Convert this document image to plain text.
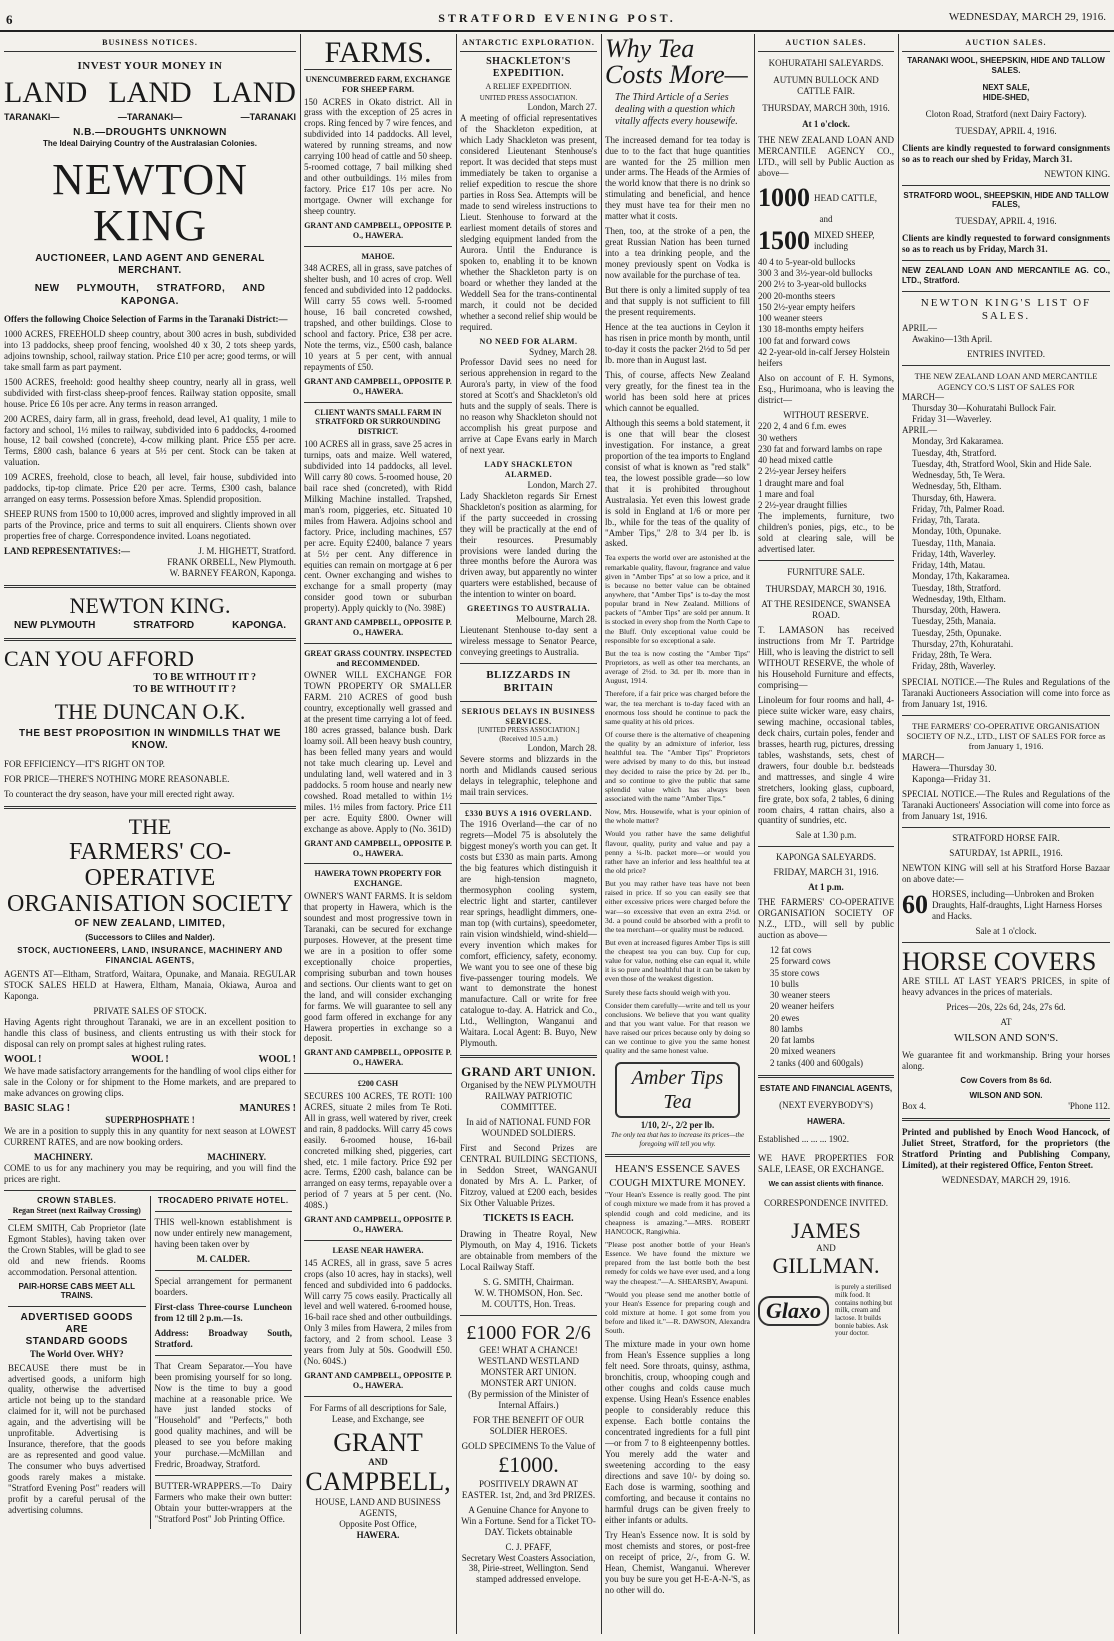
6	STRATFORD EVENING POST.	WEDNESDAY, MARCH 29, 1916.
BUSINESS NOTICES.
INVEST YOUR MONEY IN
LAND LAND LAND
TARANAKI—	—TARANAKI—	—TARANAKI
N.B.—DROUGHTS UNKNOWN
The Ideal Dairying Country of the Australasian Colonies.
NEWTON KING
AUCTIONEER, LAND AGENT AND GENERAL MERCHANT.
NEW PLYMOUTH, STRATFORD, AND KAPONGA.

Offers the following Choice Selection of Farms in the Taranaki District:—

1000 ACRES, FREEHOLD sheep country, about 300 acres in bush, subdivided into 13 paddocks, sheep proof fencing, woolshed 40 x 30, 2 tots sheep yards, adjoins township, school, railway station. Price £10 per acre; good terms, or will take small farm as part payment.

1500 ACRES, freehold: good healthy sheep country, nearly all in grass, well subdivided with first-class sheep-proof fences. Railway station opposite, small house. Price £6 10s per acre. Any terms in reason arranged.

200 ACRES, dairy farm, all in grass, freehold, dead level, A1 quality, 1 mile to factory and school, 1½ miles to railway, subdivided into 6 paddocks, 4-roomed house, 12 bail cowshed (concrete), 4-cow milking plant. Price £55 per acre. Terms, £800 cash, balance 6 years at 5½ per cent. Stock can be taken at valuation.

109 ACRES, freehold, close to beach, all level, fair house, subdivided into paddocks, tip-top climate. Price £20 per acre. Terms, £300 cash, balance arranged on easy terms. Possession before Xmas. Splendid proposition.

SHEEP RUNS from 1500 to 10,000 acres, improved and slightly improved in all parts of the Province, price and terms to suit all enquirers. Clients shown over properties free of charge. Correspondence invited. Loans negotiated.

LAND REPRESENTATIVES:—	J. M. HIGHETT, Stratford.
FRANK ORBELL, New Plymouth.
W. BARNEY FEARON, Kaponga.
NEWTON KING.
NEW PLYMOUTH	STRATFORD	KAPONGA.
CAN YOU AFFORD
TO BE WITHOUT IT ?
TO BE WITHOUT IT ?
THE DUNCAN O.K.
THE BEST PROPOSITION IN WINDMILLS THAT WE KNOW.

FOR EFFICIENCY—IT'S RIGHT ON TOP.

FOR PRICE—THERE'S NOTHING MORE REASONABLE.

To counteract the dry season, have your mill erected right away.

THE
FARMERS' CO-OPERATIVE ORGANISATION SOCIETY
OF NEW ZEALAND, LIMITED,
(Successors to Cliles and Nalder).
STOCK, AUCTIONEERS, LAND, INSURANCE, MACHINERY AND FINANCIAL AGENTS,

AGENTS AT—Eltham, Stratford, Waitara, Opunake, and Manaia. REGULAR STOCK SALES HELD at Hawera, Eltham, Manaia, Okiawa, Auroa and Kaponga.

PRIVATE SALES OF STOCK.

Having Agents right throughout Taranaki, we are in an excellent position to handle this class of business, and clients entrusting us with their stock for disposal can rely on prompt sales at highest ruling rates.

WOOL !	WOOL !	WOOL !

We have made satisfactory arrangements for the handling of wool clips either for sale in the Colony or for shipment to the Home markets, and are prepared to make advances on growing clips.

BASIC SLAG !	MANURES !
SUPERPHOSPHATE !

We are in a position to supply this in any quantity for next season at LOWEST CURRENT RATES, and are now booking orders.

MACHINERY.	MACHINERY.

COME to us for any machinery you may be requiring, and you will find the prices are right.

CROWN STABLES.
Regan Street (next Railway Crossing)

CLEM SMITH, Cab Proprietor (late Egmont Stables), having taken over the Crown Stables, will be glad to see old and new friends. Rooms accommodation. Personal attention.

PAIR-HORSE CABS MEET ALL TRAINS.
ADVERTISED GOODS ARE
STANDARD GOODS
The World Over. WHY?

BECAUSE there must be in advertised goods, a uniform high quality, otherwise the advertised article not being up to the standard claimed for it, will not be purchased again, and the advertising will be unprofitable. Advertising is Insurance, therefore, that the goods are as represented and good value. The consumer who buys advertised goods rarely makes a mistake. "Stratford Evening Post" readers will profit by a careful perusal of the advertising columns.

TROCADERO PRIVATE HOTEL.

THIS well-known establishment is now under entirely new management, having been taken over by

M. CALDER.

Special arrangement for permanent boarders.

First-class Three-course Luncheon from 12 till 2 p.m.—1s.

Address: Broadway South, Stratford.

That Cream Separator.—You have been promising yourself for so long. Now is the time to buy a good machine at a reasonable price. We have just landed stocks of "Household" and "Perfects," both good quality machines, and will be pleased to see you before making your purchase.—McMillan and Fredric, Broadway, Stratford.

BUTTER-WRAPPERS.—To Dairy Farmers who make their own butter: Obtain your butter-wrappers at the "Stratford Post" Job Printing Office.

FARMS.
UNENCUMBERED FARM, EXCHANGE FOR SHEEP FARM.

150 ACRES in Okato district. All in grass with the exception of 25 acres in crops. Ring fenced by 7 wire fences, and subdivided into 14 paddocks. All level, watered by running streams, and now carrying 100 head of cattle and 50 sheep. 5-roomed cottage, 7 bail milking shed and other outbuildings. 1½ miles from factory. Price £17 10s per acre. No mortgage. Owner will exchange for sheep country.

GRANT AND CAMPBELL, OPPOSITE P. O., HAWERA.
MAHOE.

348 ACRES, all in grass, save patches of shelter bush, and 10 acres of crop. Well fenced and subdivided into 12 paddocks. Will carry 55 cows well. 5-roomed house, 16 bail concreted cowshed, trapshed, and other buildings. Close to school and factory. Price, £38 per acre. Note the terms, viz., £500 cash, balance 10 years at 5 per cent, with annual repayments of £50.

GRANT AND CAMPBELL, OPPOSITE P. O., HAWERA.
CLIENT WANTS SMALL FARM IN STRATFORD OR SURROUNDING DISTRICT.

100 ACRES all in grass, save 25 acres in turnips, oats and maize. Well watered, subdivided into 14 paddocks, all level. Will carry 80 cows. 5-roomed house, 20 bail race shed (concreted), with Ridd Milking Machine installed. Trapshed, man's room, piggeries, etc. Situated 10 miles from Hawera. Adjoins school and factory. Price, including machines, £57 per acre. Equity £2400, balance 7 years at 5½ per cent. Any difference in equities can remain on mortgage at 6 per cent. Owner exchanging and wishes to exchange for a small property (may consider good town or suburban property). Apply quickly to (No. 398E)

GRANT AND CAMPBELL, OPPOSITE P. O., HAWERA.
GREAT GRASS COUNTRY. INSPECTED and RECOMMENDED.

OWNER WILL EXCHANGE FOR TOWN PROPERTY OR SMALLER FARM. 210 ACRES of good bush country, exceptionally well grassed and at the present time carrying a lot of feed. 180 acres grassed, balance bush. Dark loamy soil. All been heavy bush country, has been felled many years and would not take much clearing up. Level and undulating land, well watered and in 3 paddocks. 5 room house and nearly new cowshed. Road metalled to within 1½ miles. 1½ miles from factory. Price £11 per acre. Equity £800. Owner will exchange as above. Apply to (No. 361D)

GRANT AND CAMPBELL, OPPOSITE P. O., HAWERA.
HAWERA TOWN PROPERTY FOR EXCHANGE.

OWNER'S WANT FARMS. It is seldom that property in Hawera, which is the soundest and most progressive town in Taranaki, can be secured for exchange purposes. However, at the present time we are in a position to offer some exceptionally choice properties, comprising suburban and town houses and sections. Our clients want to get on the land, and will consider exchanging for farms. We will guarantee to sell any good farm offered in exchange for any Hawera properties in exchange so a deposit.

GRANT AND CAMPBELL, OPPOSITE P. O., HAWERA.
£200 CASH

SECURES 100 ACRES, TE ROTI: 100 ACRES, situate 2 miles from Te Roti. All in grass, well watered by river, creek and rain, 8 paddocks. Will carry 45 cows easily. 6-roomed house, 16-bail concreted milking shed, piggeries, cart shed, etc. 1 mile factory. Price £92 per acre. Terms, £200 cash, balance can be arranged on easy terms, repayable over a period of 7 years at 5 per cent. (No. 408S.)

GRANT AND CAMPBELL, OPPOSITE P. O., HAWERA.
LEASE NEAR HAWERA.

145 ACRES, all in grass, save 5 acres crops (also 10 acres, hay in stacks), well fenced and subdivided into 6 paddocks. Will carry 75 cows easily. Practically all level and well watered. 6-roomed house, 16-bail race shed and other outbuildings. Only 3 miles from Hawera, 2 miles from factory, and 2 from school. Lease 3 years from July at 50s. Goodwill £50. (No. 604S.)

GRANT AND CAMPBELL, OPPOSITE P. O., HAWERA.

For Farms of all descriptions for Sale, Lease, and Exchange, see

GRANT
AND
CAMPBELL,
HOUSE, LAND AND BUSINESS AGENTS,
Opposite Post Office,
HAWERA.
ANTARCTIC EXPLORATION.
SHACKLETON'S EXPEDITION.
A RELIEF EXPEDITION.
UNITED PRESS ASSOCIATION.
London, March 27.

A meeting of official representatives of the Shackleton expedition, at which Lady Shackleton was present, considered Lieutenant Stenhouse's report. It was decided that steps must immediately be taken to organise a relief expedition to rescue the shore parties in Ross Sea. Attempts will be made to send wireless instructions to Lieut. Stenhouse to forward at the earliest moment details of stores and sledging equipment landed from the Aurora. Until the Endurance is spoken to, enabling it to be known whether the Shackleton party is on board or whether they landed at the Weddell Sea for the trans-continental march, it could not be decided whether a second relief ship would be required.

NO NEED FOR ALARM.
Sydney, March 28.

Professor David sees no need for serious apprehension in regard to the Aurora's party, in view of the food stored at Scott's and Shackleton's old huts and the supply of seals. There is no reason why Shackleton should not accomplish his great purpose and arrive at Cape Evans early in March of next year.

LADY SHACKLETON ALARMED.
London, March 27.

Lady Shackleton regards Sir Ernest Shackleton's position as alarming, for if the party succeeded in crossing they will be practically at the end of their resources. Presumably provisions were landed during the three months before the Aurora was driven away, but apparently no winter quarters were established, because of the intention to winter on board.

GREETINGS TO AUSTRALIA.
Melbourne, March 28.

Lieutenant Stenhouse to-day sent a wireless message to Senator Pearce, conveying greetings to Australia.

BLIZZARDS IN BRITAIN
SERIOUS DELAYS IN BUSINESS SERVICES.
[UNITED PRESS ASSOCIATION.]
(Received 10.5 a.m.)
London, March 28.

Severe storms and blizzards in the north and Midlands caused serious delays in telegraphic, telephone and mail train services.

£330 BUYS A 1916 OVERLAND.

The 1916 Overland—the car of no regrets—Model 75 is absolutely the biggest money's worth you can get. It costs but £330 as main parts. Among the big features which distinguish it are high-tension magneto, thermosyphon cooling system, electric light and starter, cantilever rear springs, headlight dimmers, one-man top (with curtains), speedometer, rain vision windshield, wind-shield—every invention which makes for comfort, efficiency, safety, economy. We want you to see one of these big five-passenger touring models. We want to demonstrate the honest manufacture. Call or write for free catalogue to-day. A. Hatrick and Co., Ltd., Wellington, Wanganui and Waitara. Local Agent: B. Buyo, New Plymouth.

GRAND ART UNION.

Organised by the NEW PLYMOUTH RAILWAY PATRIOTIC COMMITTEE.

In aid of NATIONAL FUND FOR WOUNDED SOLDIERS.

First and Second Prizes are CENTRAL BUILDING SECTIONS, in Seddon Street, WANGANUI donated by Mrs A. L. Parker, of Fitzroy, valued at £200 each, besides Six Other Valuable Prizes.

TICKETS IS EACH.

Drawing in Theatre Royal, New Plymouth, on May 4, 1916. Tickets are obtainable from members of the Local Railway Staff.

S. G. SMITH, Chairman.
W. W. THOMSON, Hon. Sec.
M. COUTTS, Hon. Treas.
£1000 FOR 2/6
GEE! WHAT A CHANCE!
WESTLAND WESTLAND
MONSTER ART UNION. MONSTER ART UNION.

(By permission of the Minister of Internal Affairs.)

FOR THE BENEFIT OF OUR SOLDIER HEROES.

GOLD SPECIMENS To the Value of
£1000.

POSITIVELY DRAWN AT EASTER. 1st, 2nd, and 3rd PRIZES.

A Genuine Chance for Anyone to Win a Fortune. Send for a Ticket TO-DAY. Tickets obtainable

C. J. PFAFF,

Secretary West Coasters Association, 38, Pirie-street, Wellington. Send stamped addressed envelope.

Why Tea Costs More—

The Third Article of a Series dealing with a question which vitally affects every housewife.

The increased demand for tea today is due to to the fact that huge quantities are wanted for the 25 million men under arms. The Heads of the Armies of the world know that there is no drink so stimulating and beneficial, and hence they must have tea for their men no matter what it costs.

Then, too, at the stroke of a pen, the great Russian Nation has been turned into a tea drinking people, and the money previously spent on Vodka is now available for the purchase of tea.

But there is only a limited supply of tea and that supply is not sufficient to fill the present requirements.

Hence at the tea auctions in Ceylon it has risen in price month by month, until to-day it costs the packer 2½d to 5d per lb. more than in August last.

This, of course, affects New Zealand very greatly, for the finest tea in the world has been sold here at prices which cannot be equalled.

Although this seems a bold statement, it is one that will bear the closest investigation. For instance, a great proportion of the tea imports to England consist of what is known as "red stalk" tea, the lowest possible grade—so low that it is prohibited throughout Australasia. Yet even this lowest grade is sold in England at 1/6 or more per lb., while for the teas of the quality of "Amber Tips," 2/8 to 3/4 per lb. is asked.

Tea experts the world over are astonished at the remarkable quality, flavour, fragrance and value given in "Amber Tips" at so low a price, and it is because no better value can be obtained anywhere, that "Amber Tips" is to-day the most popular brand in New Zealand. Millions of packets of "Amber Tips" are sold per annum. It is stocked in every shop from the North Cape to the Bluff. Only exceptional value could be responsible for so exceptional a sale.

But the tea is now costing the "Amber Tips" Proprietors, as well as other tea merchants, an average of 2½d. to 3d. per lb. more than in August, 1914.

Therefore, if a fair price was charged before the war, the tea merchant is to-day faced with an enormous loss should he continue to pack the same quality at his old prices.

Of course there is the alternative of cheapening the quality by an admixture of inferior, less healthful tea. The "Amber Tips" Proprietors were advised by many to do this, but instead they decided to raise the price by 2d. per lb., and so continue to give the public that same splendid value which has always been associated with the name "Amber Tips."

Now, Mrs. Housewife, what is your opinion of the whole matter?

Would you rather have the same delightful flavour, quality, purity and value and pay a penny a ¼-lb. packet more—or would you rather have an inferior and less healthful tea at the old price?

But you may rather have teas have not been raised in price. If so you can easily see that either excessive prices were charged before the war—so excessive that even an extra 2½d. or 3d. a pound could be absorbed with a profit to the tea merchant—or quality must be reduced.

But even at increased figures Amber Tips is still the cheapest tea you can buy. Cup for cup, value for value, nothing else can equal it, while it is so pure and healthful that it can be taken by even those of the weakest digestion.

Surely these facts should weigh with you.

Consider them carefully—write and tell us your conclusions. We believe that you want quality and that you want value. For that reason we have raised our prices because only by doing so can we continue to give you the same honest quality and the same honest value.

Amber Tips Tea
1/10, 2/-, 2/2 per lb.
The only tea that has to increase its prices—the foregoing will tell you why.
HEAN'S ESSENCE SAVES COUGH MIXTURE MONEY.

"Your Hean's Essence is really good. The pint of cough mixture we made from it has proved a splendid cough and cold medicine, and its cheapness is amazing."—MRS. ROBERT HANCOCK, Rangiwhia.

"Please post another bottle of your Hean's Essence. We have found the mixture we prepared from the last bottle both the best remedy for colds we have ever used, and a long way the cheapest."—A. SHEARSBY, Awapuni.

"Would you please send me another bottle of your Hean's Essence for preparing cough and cold mixture at home. I got some from you before and liked it."—R. DAWSON, Alexandra South.

The mixture made in your own home from Hean's Essence supplies a long felt need. Sore throats, quinsy, asthma, bronchitis, croup, whooping cough and other coughs and colds cause much expense. Using Hean's Essence enables people to considerably reduce this expense. Each bottle contains the concentrated ingredients for a full pint—or from 7 to 8 eighteenpenny bottles. You merely add the water and sweetening according to the easy directions and save 10/- by doing so. Each dose is warming, soothing and comforting, and because it contains no harmful drugs can be given freely to either infants or adults.

Try Hean's Essence now. It is sold by most chemists and stores, or post-free on receipt of price, 2/-, from G. W. Hean, Chemist, Wanganui. Wherever you buy be sure you get H-E-A-N-'S, as no other will do.

AUCTION SALES.
KOHURATAHI SALEYARDS.
AUTUMN BULLOCK AND CATTLE FAIR.
THURSDAY, MARCH 30th, 1916.
At 1 o'clock.

THE NEW ZEALAND LOAN AND MERCANTILE AGENCY CO., LTD., will sell by Public Auction as above—

1000 HEAD CATTLE,
and
1500 MIXED SHEEP, including
40 4 to 5-year-old bullocks
300 3 and 3½-year-old bullocks
200 2½ to 3-year-old bullocks
200 20-months steers
150 2½-year empty heifers
100 weaner steers
130 18-months empty heifers
100 fat and forward cows
42 2-year-old in-calf Jersey Holstein heifers

Also on account of F. H. Symons, Esq., Hurimoana, who is leaving the district—

WITHOUT RESERVE.
220 2, 4 and 6 f.m. ewes
30 wethers
230 fat and forward lambs on rape
40 head mixed cattle
2 2½-year Jersey heifers
1 draught mare and foal
1 mare and foal
2 2½-year draught fillies

The implements, furniture, two children's ponies, pigs, etc., to be sold at clearing sale, will be advertised later.

FURNITURE SALE.
THURSDAY, MARCH 30, 1916.
AT THE RESIDENCE, SWANSEA ROAD.

T. LAMASON has received instructions from Mr T. Partridge Hill, who is leaving the district to sell WITHOUT RESERVE, the whole of his Household Furniture and effects, comprising—

Linoleum for four rooms and hall, 4-piece suite wicker ware, easy chairs, sewing machine, occasional tables, deck chairs, curtain poles, fender and brasses, hearth rug, pictures, dressing tables, washstands, sets, chest of drawers, four double b.r. bedsteads and mattresses, and single 4 wire stretchers, looking glass, cupboard, fire grate, box sofa, 2 tables, 6 dining room chairs, 4 rattan chairs, also a quantity of sundries, etc.

Sale at 1.30 p.m.
KAPONGA SALEYARDS.
FRIDAY, MARCH 31, 1916.
At 1 p.m.

THE FARMERS' CO-OPERATIVE ORGANISATION SOCIETY OF N.Z., LTD., will sell by public auction as above—

12 fat cows
25 forward cows
35 store cows
10 bulls
30 weaner steers
20 weaner heifers
20 ewes
80 lambs
20 fat lambs
20 mixed weaners
2 tanks (400 and 600gals)
ESTATE AND FINANCIAL AGENTS,
(NEXT EVERYBODY'S)
HAWERA.
Established ... ... ... 1902.

WE HAVE PROPERTIES FOR SALE, LEASE, OR EXCHANGE.

We can assist clients with finance.
CORRESPONDENCE INVITED.
JAMES
AND
GILLMAN.
Glaxo
is purely a sterilised milk food. It contains nothing but milk, cream and lactose. It builds bonnie babies. Ask your doctor.
AUCTION SALES.
TARANAKI WOOL, SHEEPSKIN, HIDE AND TALLOW SALES.
NEXT SALE,
HIDE-SHED,
Cloton Road, Stratford (next Dairy Factory).
TUESDAY, APRIL 4, 1916.

Clients are kindly requested to forward consignments so as to reach our shed by Friday, March 31.

NEWTON KING.
STRATFORD WOOL, SHEEPSKIN, HIDE AND TALLOW FALES,
TUESDAY, APRIL 4, 1916.

Clients are kindly requested to forward consignments so as to reach us by Friday, March 31.

NEW ZEALAND LOAN AND MERCANTILE AG. CO., LTD., Stratford.

NEWTON KING'S LIST OF SALES.
APRIL—
Awakino—13th April.
ENTRIES INVITED.
THE NEW ZEALAND LOAN AND MERCANTILE AGENCY CO.'S LIST OF SALES FOR
MARCH—
Thursday 30—Kohuratahi Bullock Fair.
Friday 31—Waverley.
APRIL—
Monday, 3rd Kakaramea.
Tuesday, 4th, Stratford.
Tuesday, 4th, Stratford Wool, Skin and Hide Sale.
Wednesday, 5th, Te Wera.
Wednesday, 5th, Eltham.
Thursday, 6th, Hawera.
Friday, 7th, Palmer Road.
Friday, 7th, Tarata.
Monday, 10th, Opunake.
Tuesday, 11th, Manaia.
Friday, 14th, Waverley.
Friday, 14th, Matau.
Monday, 17th, Kakaramea.
Tuesday, 18th, Stratford.
Wednesday, 19th, Eltham.
Thursday, 20th, Hawera.
Tuesday, 25th, Manaia.
Tuesday, 25th, Opunake.
Thursday, 27th, Kohuratahi.
Friday, 28th, Te Wera.
Friday, 28th, Waverley.

SPECIAL NOTICE.—The Rules and Regulations of the Taranaki Auctioneers Association will come into force as from January 1st, 1916.

THE FARMERS' CO-OPERATIVE ORGANISATION SOCIETY OF N.Z., LTD., LIST OF SALES FOR force as from January 1, 1916.
MARCH—
Hawera—Thursday 30.
Kaponga—Friday 31.

SPECIAL NOTICE.—The Rules and Regulations of the Taranaki Auctioneers' Association will come into force as from January 1st, 1916.

STRATFORD HORSE FAIR.
SATURDAY, 1st APRIL, 1916.

NEWTON KING will sell at his Stratford Horse Bazaar on above date:—

60 HORSES, including—Unbroken and Broken Draughts, Half-draughts, Light Harness Horses and Hacks.
Sale at 1 o'clock.
HORSE COVERS

ARE STILL AT LAST YEAR'S PRICES, in spite of heavy advances in the prices of materials.

Prices—20s, 22s 6d, 24s, 27s 6d.
AT
WILSON AND SON'S.

We guarantee fit and workmanship. Bring your horses along.

Cow Covers from 8s 6d.
WILSON AND SON.
Box 4.	'Phone 112.

Printed and published by Enoch Wood Hancock, of Juliet Street, Stratford, for the proprietors (the Stratford Printing and Publishing Company, Limited), at their registered Office, Fenton Street.

WEDNESDAY, MARCH 29, 1916.
